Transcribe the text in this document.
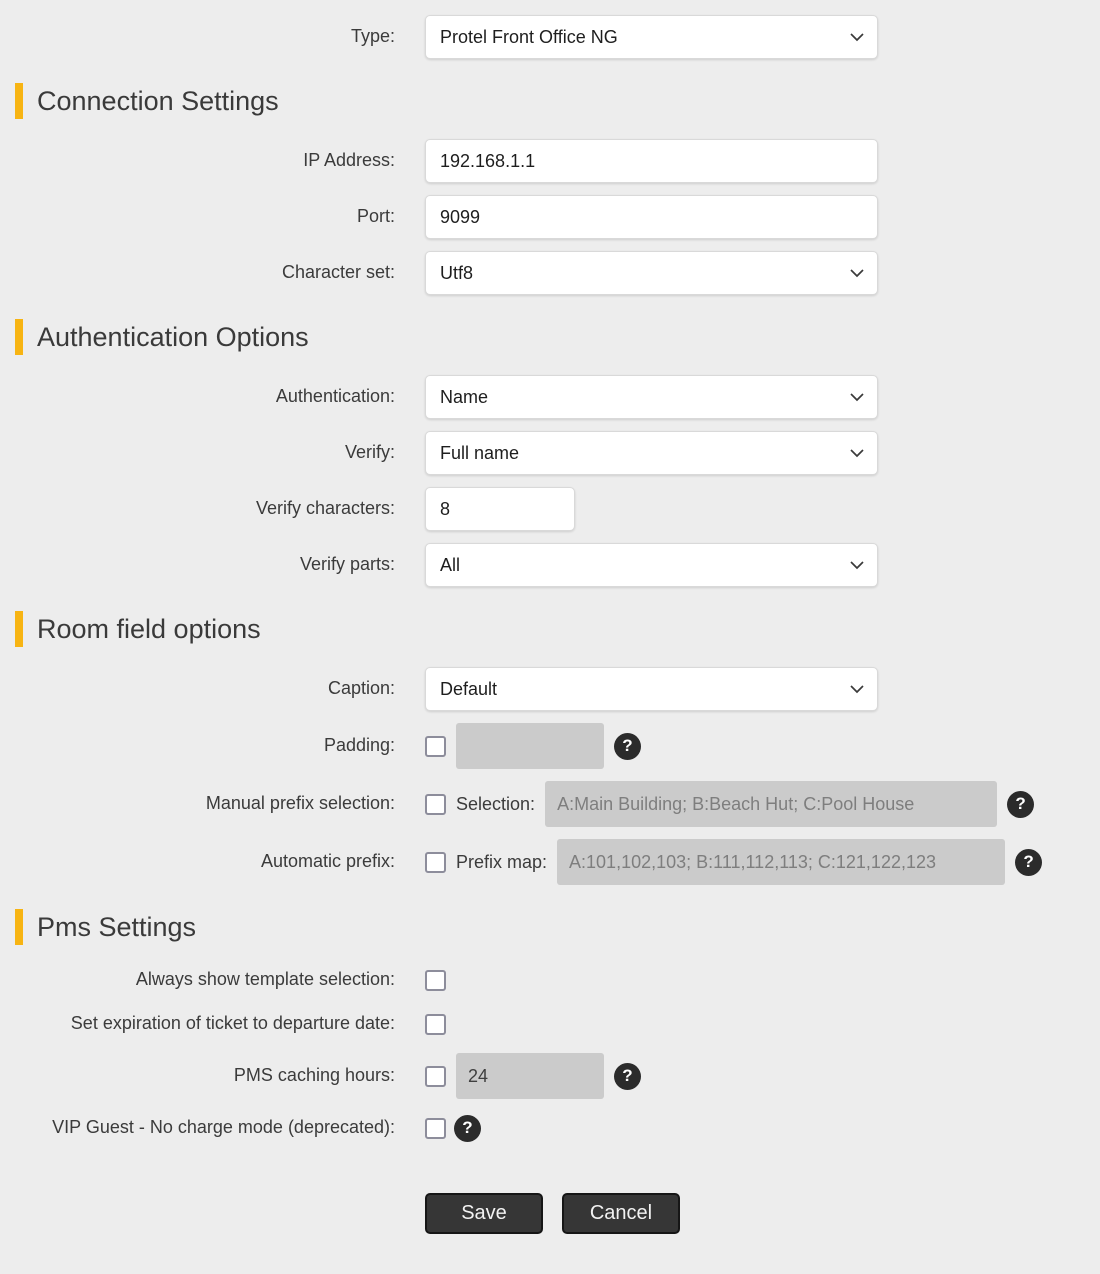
Type:	Protel Front Office NG
Connection Settings
IP Address:
192.168.1.1
Port:
9099
Character set:	Utf8
Authentication Options
Authentication:	Name
Verify:	Full name
Verify characters:
8
Verify parts:	All
Room field options
Caption:	Default
Padding:	?
Manual prefix selection:	Selection:
A:Main Building; B:Beach Hut; C:Pool House	?
Automatic prefix:	Prefix map:
A:101,102,103; B:111,112,113; C:121,122,123	?
Pms Settings
Always show template selection:
Set expiration of ticket to departure date:
PMS caching hours:
24	?
VIP Guest - No charge mode (deprecated):	?
Save	Cancel
